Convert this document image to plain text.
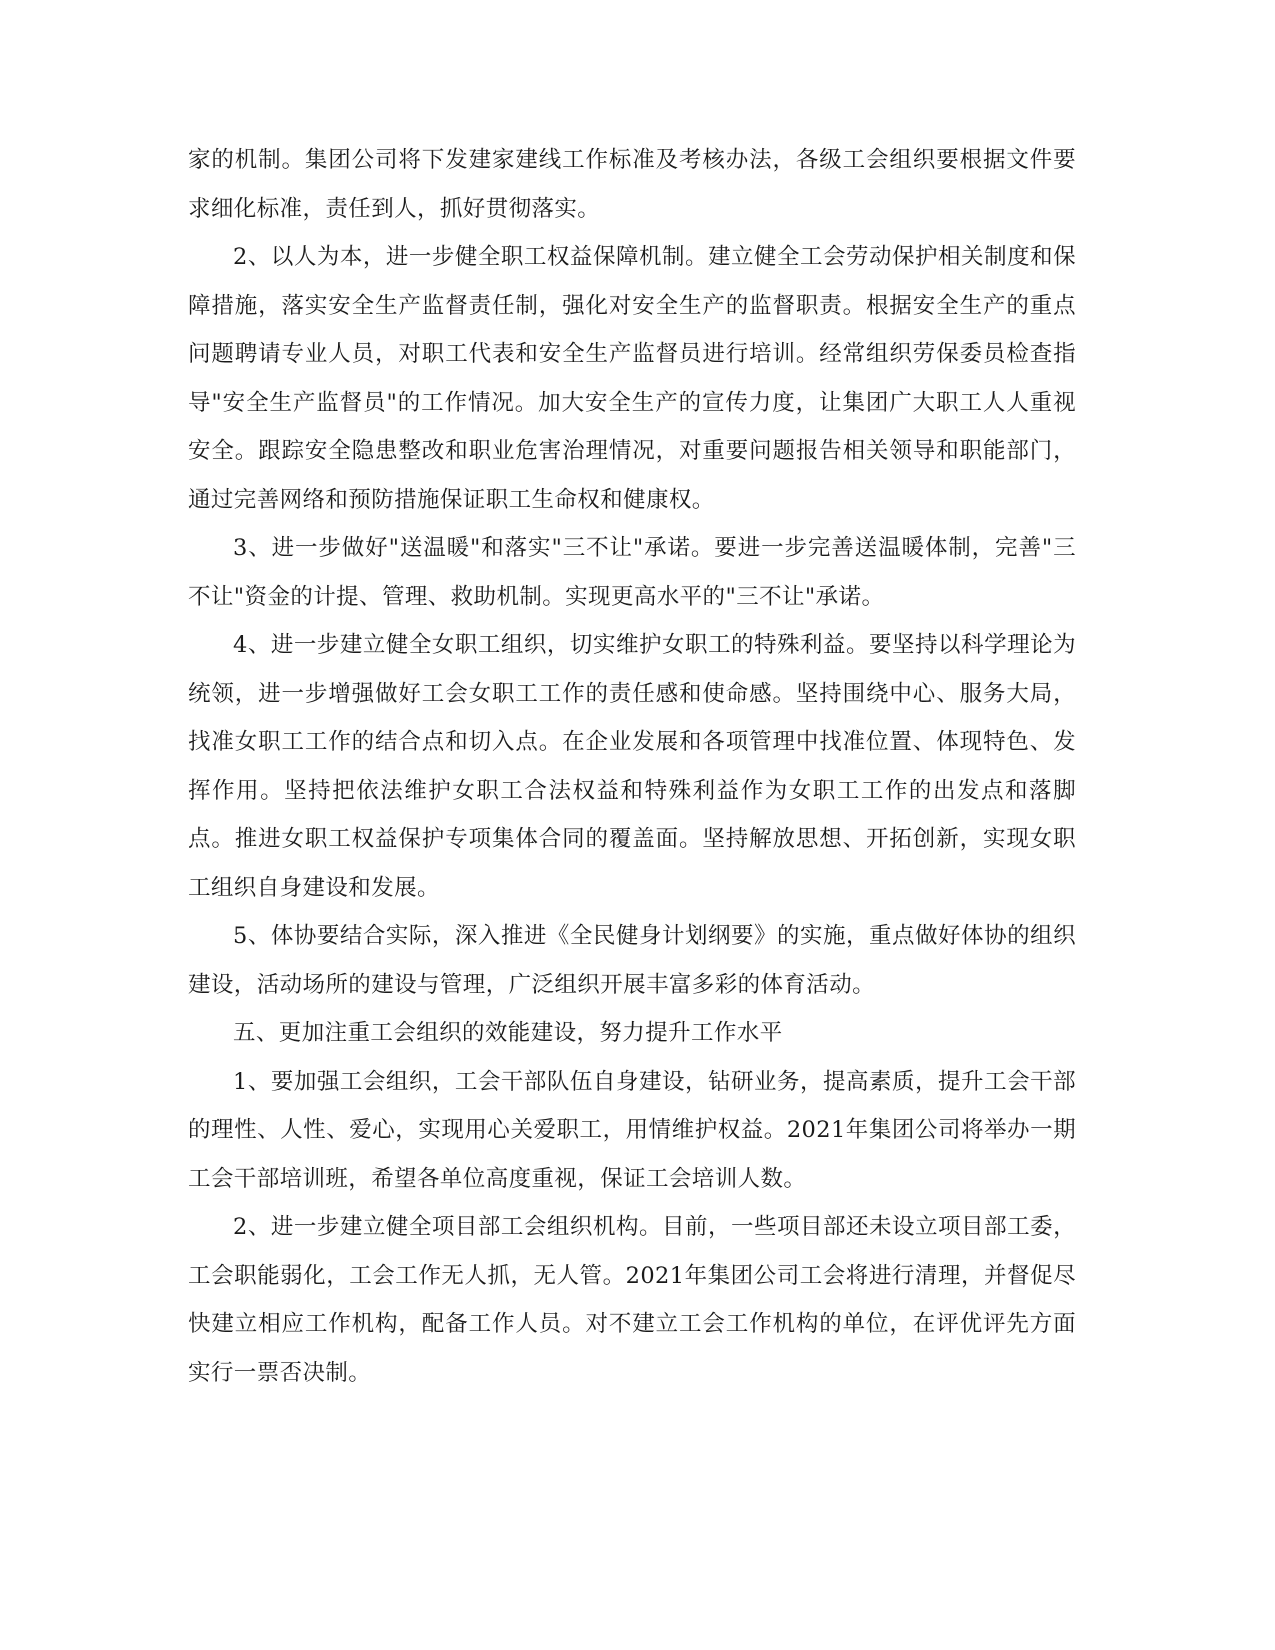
家的机制。集团公司将下发建家建线工作标准及考核办法，各级工会组织要根据文件要求细化标准，责任到人，抓好贯彻落实。

2、以人为本，进一步健全职工权益保障机制。建立健全工会劳动保护相关制度和保障措施，落实安全生产监督责任制，强化对安全生产的监督职责。根据安全生产的重点问题聘请专业人员，对职工代表和安全生产监督员进行培训。经常组织劳保委员检查指导"安全生产监督员"的工作情况。加大安全生产的宣传力度，让集团广大职工人人重视安全。跟踪安全隐患整改和职业危害治理情况，对重要问题报告相关领导和职能部门，通过完善网络和预防措施保证职工生命权和健康权。

3、进一步做好"送温暖"和落实"三不让"承诺。要进一步完善送温暖体制，完善"三不让"资金的计提、管理、救助机制。实现更高水平的"三不让"承诺。

4、进一步建立健全女职工组织，切实维护女职工的特殊利益。要坚持以科学理论为统领，进一步增强做好工会女职工工作的责任感和使命感。坚持围绕中心、服务大局，找准女职工工作的结合点和切入点。在企业发展和各项管理中找准位置、体现特色、发挥作用。坚持把依法维护女职工合法权益和特殊利益作为女职工工作的出发点和落脚点。推进女职工权益保护专项集体合同的覆盖面。坚持解放思想、开拓创新，实现女职工组织自身建设和发展。

5、体协要结合实际，深入推进《全民健身计划纲要》的实施，重点做好体协的组织建设，活动场所的建设与管理，广泛组织开展丰富多彩的体育活动。

五、更加注重工会组织的效能建设，努力提升工作水平

1、要加强工会组织，工会干部队伍自身建设，钻研业务，提高素质，提升工会干部的理性、人性、爱心，实现用心关爱职工，用情维护权益。2021年集团公司将举办一期工会干部培训班，希望各单位高度重视，保证工会培训人数。

2、进一步建立健全项目部工会组织机构。目前，一些项目部还未设立项目部工委，工会职能弱化，工会工作无人抓，无人管。2021年集团公司工会将进行清理，并督促尽快建立相应工作机构，配备工作人员。对不建立工会工作机构的单位，在评优评先方面实行一票否决制。
